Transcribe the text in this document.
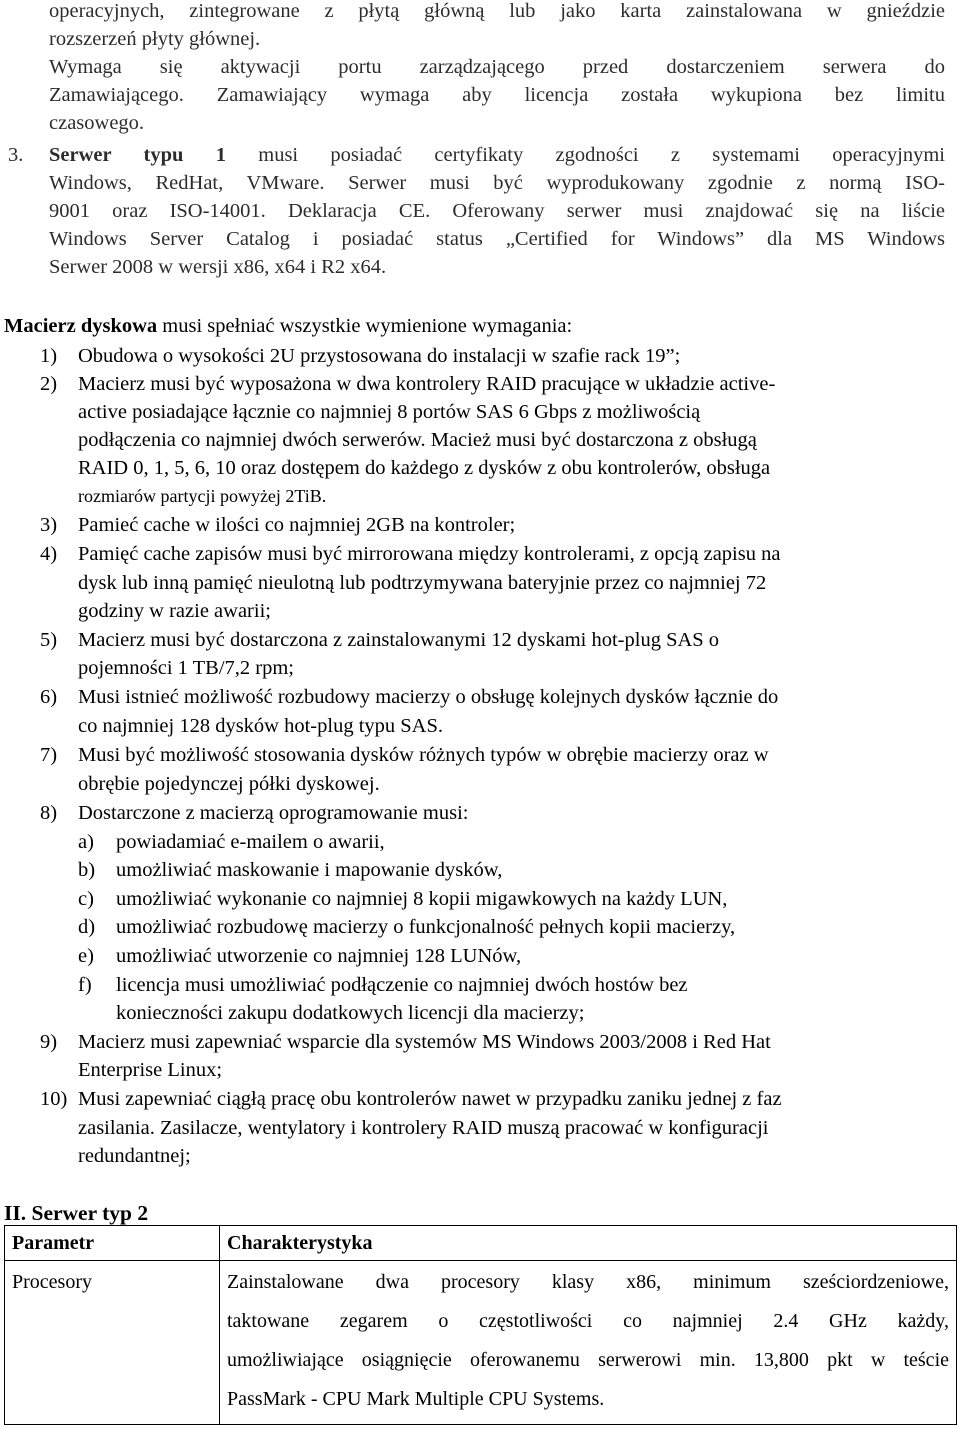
operacyjnych, zintegrowane z płytą główną lub jako karta zainstalowana w gnieździe
rozszerzeń płyty głównej.
Wymaga się aktywacji portu zarządzającego przed dostarczeniem serwera do
Zamawiającego. Zamawiający wymaga aby licencja została wykupiona bez limitu
czasowego.
3. Serwer typu 1 musi posiadać certyfikaty zgodności z systemami operacyjnymi
Windows, RedHat, VMware. Serwer musi być wyprodukowany zgodnie z normą ISO-
9001 oraz ISO-14001. Deklaracja CE. Oferowany serwer musi znajdować się na liście
Windows Server Catalog i posiadać status „Certified for Windows” dla MS Windows
Serwer 2008 w wersji x86, x64 i R2 x64.
Macierz dyskowa musi spełniać wszystkie wymienione wymagania:
1) Obudowa o wysokości 2U przystosowana do instalacji w szafie rack 19”;
2) Macierz musi być wyposażona w dwa kontrolery RAID pracujące w układzie active-
active posiadające łącznie co najmniej 8 portów SAS 6 Gbps z możliwością
podłączenia co najmniej dwóch serwerów. Macież musi być dostarczona z obsługą
RAID 0, 1, 5, 6, 10 oraz dostępem do każdego z dysków z obu kontrolerów, obsługa
rozmiarów partycji powyżej 2TiB.
3) Pamieć cache w ilości co najmniej 2GB na kontroler;
4) Pamięć cache zapisów musi być mirrorowana między kontrolerami, z opcją zapisu na
dysk lub inną pamięć nieulotną lub podtrzymywana bateryjnie przez co najmniej 72
godziny w razie awarii;
5) Macierz musi być dostarczona z zainstalowanymi 12 dyskami hot-plug SAS o
pojemności 1 TB/7,2 rpm;
6) Musi istnieć możliwość rozbudowy macierzy o obsługę kolejnych dysków łącznie do
co najmniej 128 dysków hot-plug typu SAS.
7) Musi być możliwość stosowania dysków różnych typów w obrębie macierzy oraz w
obrębie pojedynczej półki dyskowej.
8) Dostarczone z macierzą oprogramowanie musi:
a) powiadamiać e-mailem o awarii,
b) umożliwiać maskowanie i mapowanie dysków,
c) umożliwiać wykonanie co najmniej 8 kopii migawkowych na każdy LUN,
d) umożliwiać rozbudowę macierzy o funkcjonalność pełnych kopii macierzy,
e) umożliwiać utworzenie co najmniej 128 LUNów,
f) licencja musi umożliwiać podłączenie co najmniej dwóch hostów bez
konieczności zakupu dodatkowych licencji dla macierzy;
9) Macierz musi zapewniać wsparcie dla systemów MS Windows 2003/2008 i Red Hat
Enterprise Linux;
10) Musi zapewniać ciągłą pracę obu kontrolerów nawet w przypadku zaniku jednej z faz
zasilania. Zasilacze, wentylatory i kontrolery RAID muszą pracować w konfiguracji
redundantnej;
II. Serwer typ 2
Parametr	Charakterystyka
Procesory	Zainstalowane dwa procesory klasy x86, minimum sześciordzeniowe,
taktowane zegarem o częstotliwości co najmniej 2.4 GHz każdy,
umożliwiające osiągnięcie oferowanemu serwerowi min. 13,800 pkt w teście
PassMark - CPU Mark Multiple CPU Systems.
